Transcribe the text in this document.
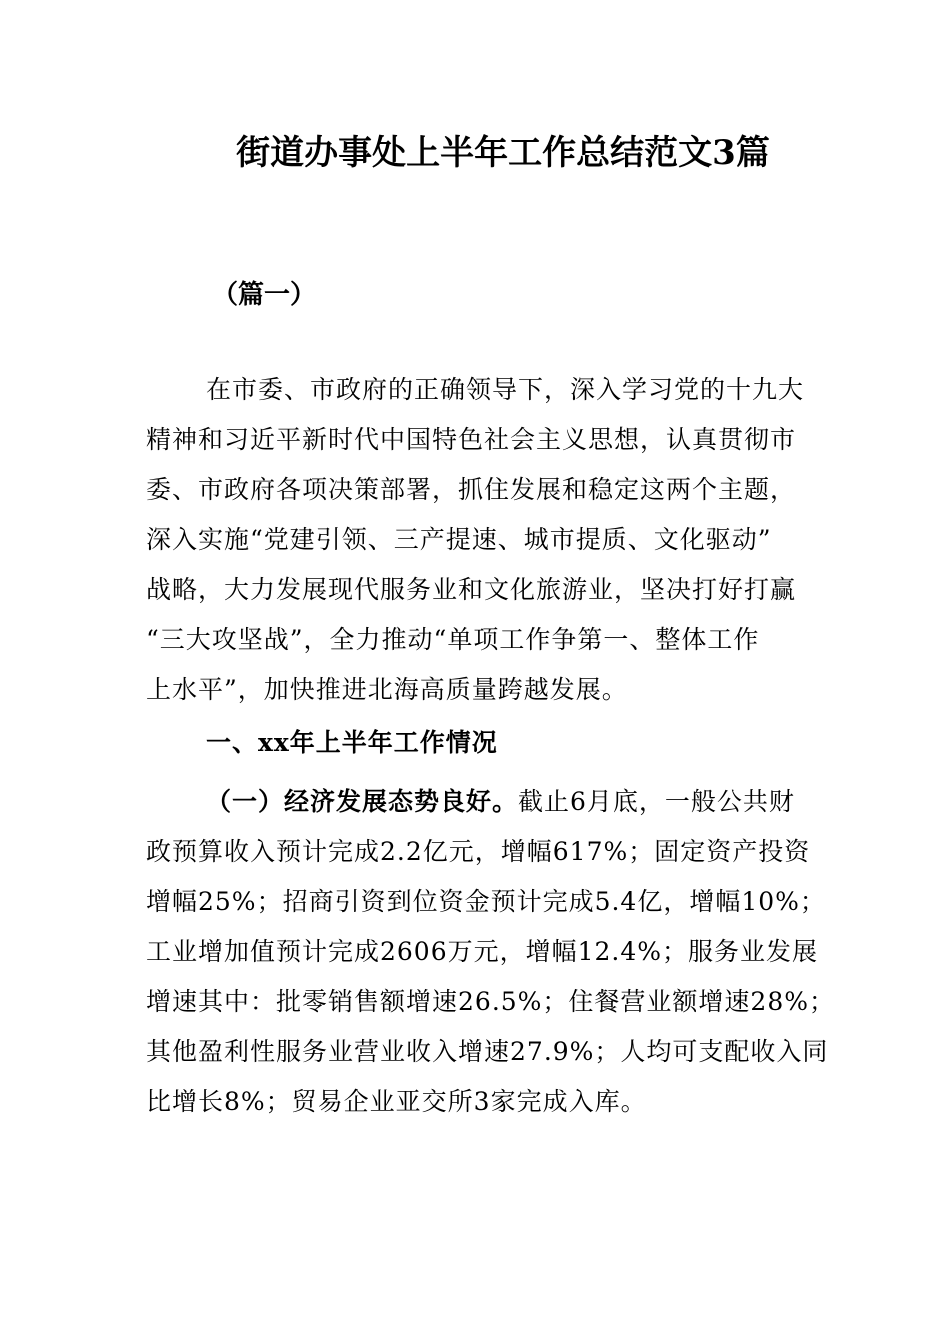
街道办事处上半年工作总结范文3篇
（篇一）
在市委、市政府的正确领导下，深入学习党的十九大
精神和习近平新时代中国特色社会主义思想，认真贯彻市
委、市政府各项决策部署，抓住发展和稳定这两个主题，
深入实施“党建引领、三产提速、城市提质、文化驱动”
战略，大力发展现代服务业和文化旅游业，坚决打好打赢
“三大攻坚战”，全力推动“单项工作争第一、整体工作
上水平”，加快推进北海高质量跨越发展。
一、xx年上半年工作情况
（一）经济发展态势良好。截止6月底，一般公共财
政预算收入预计完成2.2亿元，增幅617%；固定资产投资
增幅25%；招商引资到位资金预计完成5.4亿，增幅10%；
工业增加值预计完成2606万元，增幅12.4%；服务业发展
增速其中：批零销售额增速26.5%；住餐营业额增速28%；
其他盈利性服务业营业收入增速27.9%；人均可支配收入同
比增长8%；贸易企业亚交所3家完成入库。
